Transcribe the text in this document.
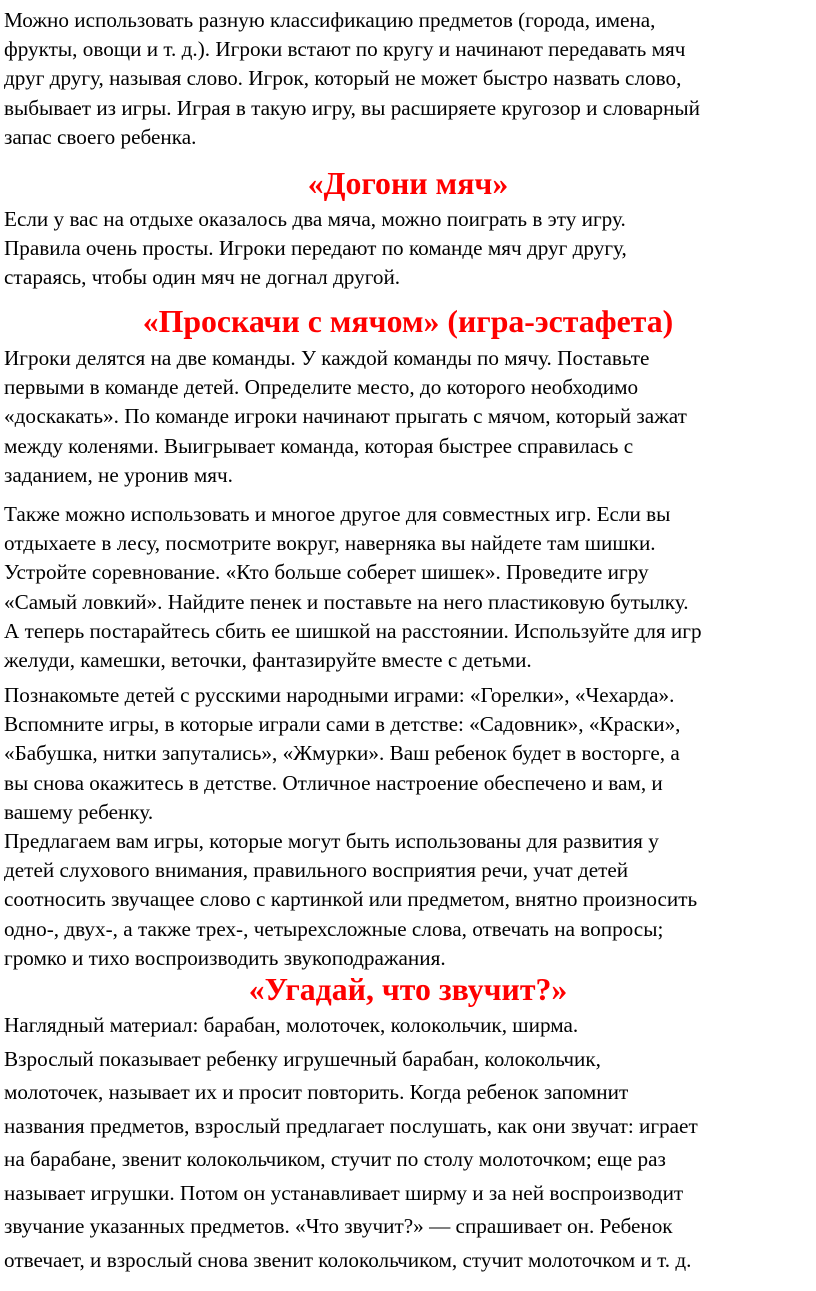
Можно использовать разную классификацию предметов (города, имена,
фрукты, овощи и т. д.). Игроки встают по кругу и начинают передавать мяч
друг другу, называя слово. Игрок, который не может быстро назвать слово,
выбывает из игры. Играя в такую игру, вы расширяете кругозор и словарный
запас своего ребенка.
«Догони мяч»
Если у вас на отдыхе оказалось два мяча, можно поиграть в эту игру.
Правила очень просты. Игроки передают по команде мяч друг другу,
стараясь, чтобы один мяч не догнал другой.
«Проскачи с мячом» (игра-эстафета)
Игроки делятся на две команды. У каждой команды по мячу. Поставьте
первыми в команде детей. Определите место, до которого необходимо
«доскакать». По команде игроки начинают прыгать с мячом, который зажат
между коленями. Выигрывает команда, которая быстрее справилась с
заданием, не уронив мяч.
Также можно использовать и многое другое для совместных игр. Если вы
отдыхаете в лесу, посмотрите вокруг, наверняка вы найдете там шишки.
Устройте соревнование. «Кто больше соберет шишек». Проведите игру
«Самый ловкий». Найдите пенек и поставьте на него пластиковую бутылку.
А теперь постарайтесь сбить ее шишкой на расстоянии. Используйте для игр
желуди, камешки, веточки, фантазируйте вместе с детьми.
Познакомьте детей с русскими народными играми: «Горелки», «Чехарда».
Вспомните игры, в которые играли сами в детстве: «Садовник», «Краски»,
«Бабушка, нитки запутались», «Жмурки». Ваш ребенок будет в восторге, а
вы снова окажитесь в детстве. Отличное настроение обеспечено и вам, и
вашему ребенку.
Предлагаем вам игры, которые могут быть использованы для развития у
детей слухового внимания, правильного восприятия речи, учат детей
соотносить звучащее слово с картинкой или предметом, внятно произносить
одно-, двух-, а также трех-, четырехсложные слова, отвечать на вопросы;
громко и тихо воспроизводить звукоподражания.
«Угадай, что звучит?»
Наглядный материал: барабан, молоточек, колокольчик, ширма.
Взрослый показывает ребенку игрушечный барабан, колокольчик,
молоточек, называет их и просит повторить. Когда ребенок запомнит
названия предметов, взрослый предлагает послушать, как они звучат: играет
на барабане, звенит колокольчиком, стучит по столу молоточком; еще раз
называет игрушки. Потом он устанавливает ширму и за ней воспроизводит
звучание указанных предметов. «Что звучит?» — спрашивает он. Ребенок
отвечает, и взрослый снова звенит колокольчиком, стучит молоточком и т. д.
